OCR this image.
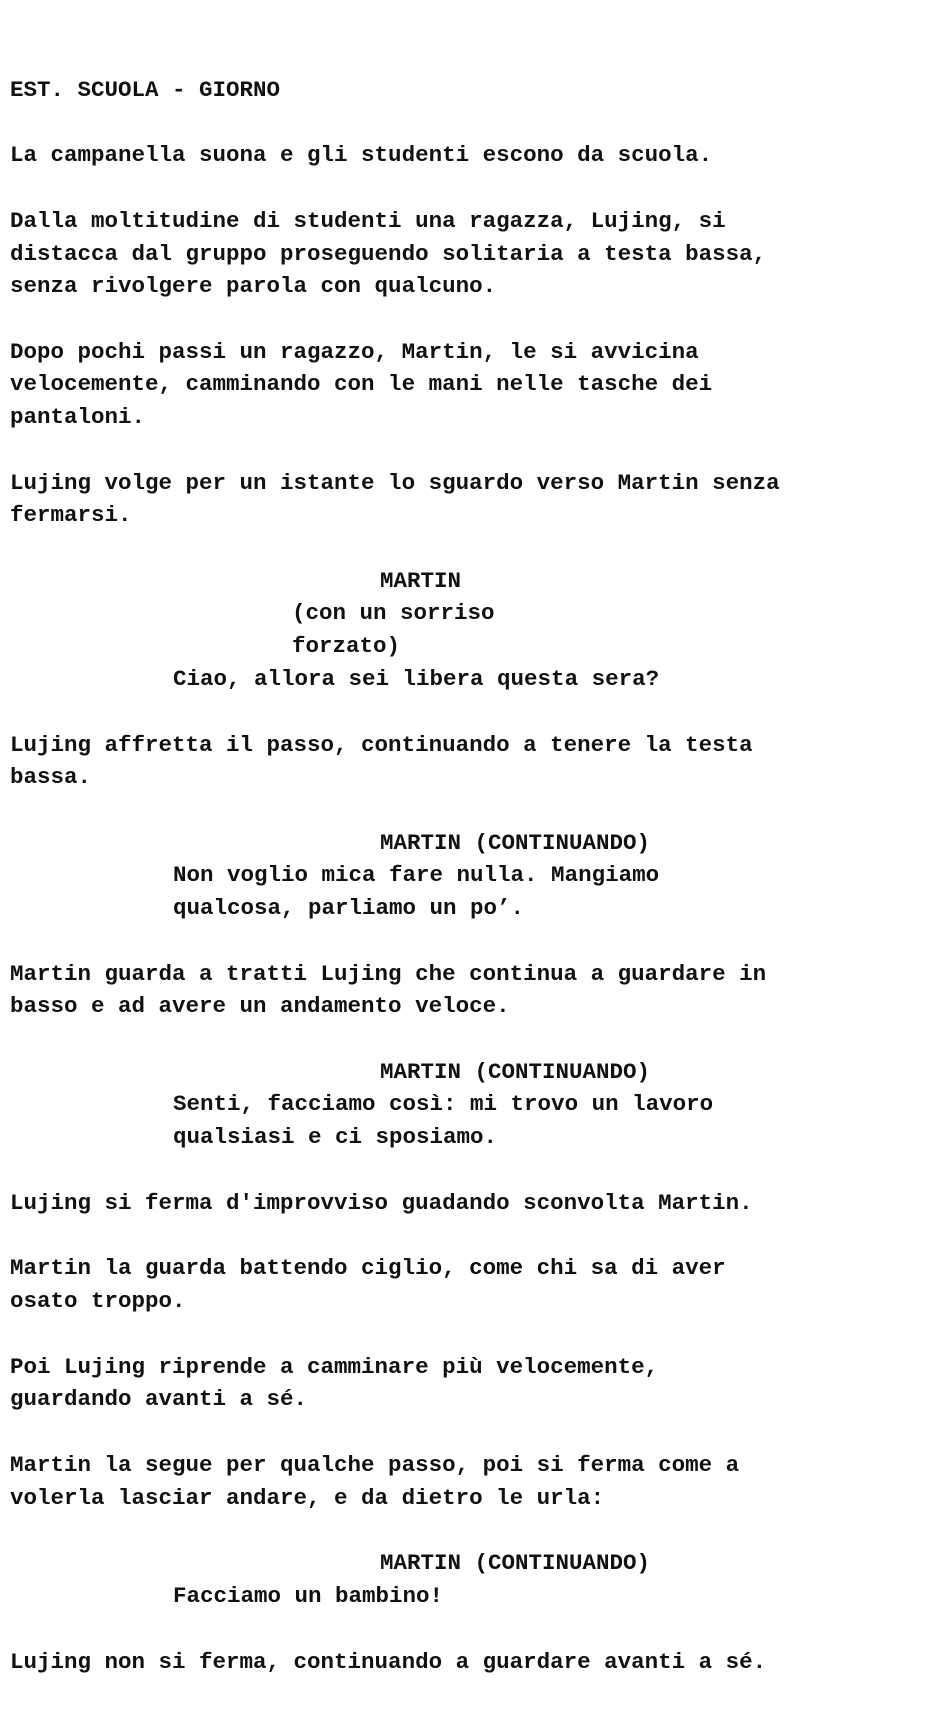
EST. SCUOLA - GIORNO
La campanella suona e gli studenti escono da scuola.
Dalla moltitudine di studenti una ragazza, Lujing, si
distacca dal gruppo proseguendo solitaria a testa bassa,
senza rivolgere parola con qualcuno.
Dopo pochi passi un ragazzo, Martin, le si avvicina
velocemente, camminando con le mani nelle tasche dei
pantaloni.
Lujing volge per un istante lo sguardo verso Martin senza
fermarsi.
MARTIN
(con un sorriso
forzato)
Ciao, allora sei libera questa sera?
Lujing affretta il passo, continuando a tenere la testa
bassa.
MARTIN (CONTINUANDO)
Non voglio mica fare nulla. Mangiamo
qualcosa, parliamo un po’.
Martin guarda a tratti Lujing che continua a guardare in
basso e ad avere un andamento veloce.
MARTIN (CONTINUANDO)
Senti, facciamo così: mi trovo un lavoro
qualsiasi e ci sposiamo.
Lujing si ferma d'improvviso guadando sconvolta Martin.
Martin la guarda battendo ciglio, come chi sa di aver
osato troppo.
Poi Lujing riprende a camminare più velocemente,
guardando avanti a sé.
Martin la segue per qualche passo, poi si ferma come a
volerla lasciar andare, e da dietro le urla:
MARTIN (CONTINUANDO)
Facciamo un bambino!
Lujing non si ferma, continuando a guardare avanti a sé.
